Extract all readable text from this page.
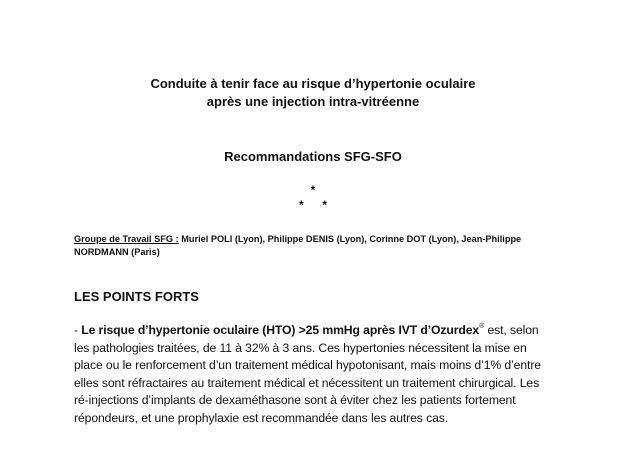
Conduite à tenir face au risque d’hypertonie oculaire
après une injection intra-vitréenne
Recommandations SFG-SFO
*
*  *
Groupe de Travail SFG : Muriel POLI (Lyon), Philippe DENIS (Lyon), Corinne DOT (Lyon), Jean-Philippe NORDMANN (Paris)
LES POINTS FORTS
- Le risque d’hypertonie oculaire (HTO) >25 mmHg après IVT d’Ozurdex® est, selon les pathologies traitées, de 11 à 32% à 3 ans. Ces hypertonies nécessitent la mise en place ou le renforcement d’un traitement médical hypotonisant, mais moins d’1% d’entre elles sont réfractaires au traitement médical et nécessitent un traitement chirurgical. Les ré-injections d’implants de dexaméthasone sont à éviter chez les patients fortement répondeurs, et une prophylaxie est recommandée dans les autres cas.
